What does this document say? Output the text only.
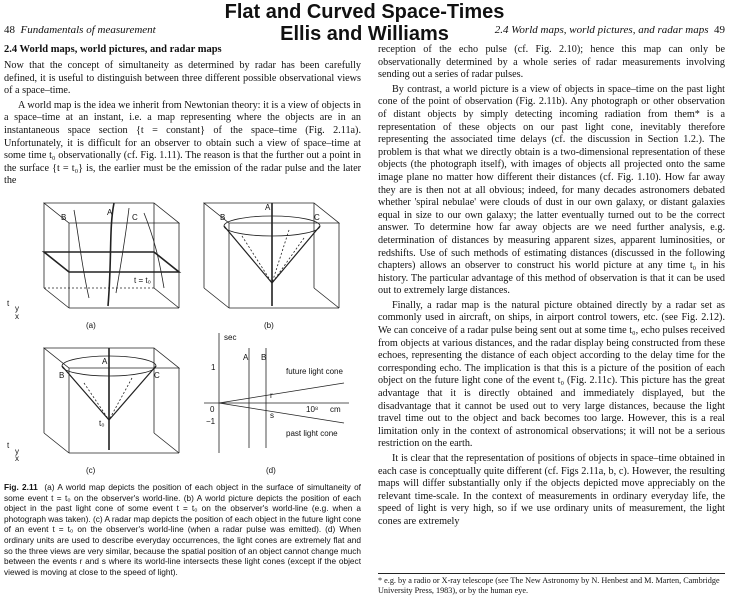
Flat and Curved Space-Times
Ellis and Williams
48 Fundamentals of measurement
2.4 World maps, world pictures, and radar maps

Now that the concept of simultaneity as determined by radar has been carefully defined, it is useful to distinguish between three different possible observational views of a space–time.

A world map is the idea we inherit from Newtonian theory: it is a view of objects in a space–time at an instant, i.e. a map representing where the objects are in an instantaneous space section {t = constant} of the space–time (Fig. 2.11a). Unfortunately, it is difficult for an observer to obtain such a view of space–time at some time t₀ observationally (cf. Fig. 1.11). The reason is that the further out a point in the surface {t = t₀} is, the earlier must be the emission of the radar pulse and the later the

B
A
C
t = t₀
B
A
C
B
A
C
t₀
t
y
x
t
y
x
sec
1
−1
0	10⁸ cm
future light cone
past light cone
r
s
A B
(a)	(b)
(c)	(d)
Fig. 2.11 (a) A world map depicts the position of each object in the surface of simultaneity of some event t = t₀ on the observer's world-line. (b) A world picture depicts the position of each object in the past light cone of some event t = t₀ on the observer's world-line (e.g. when a photograph was taken). (c) A radar map depicts the position of each object in the future light cone of an event t = t₀ on the observer's world-line (when a radar pulse was emitted). (d) When ordinary units are used to describe everyday occurrences, the light cones are extremely flat and so the three views are very similar, because the spatial position of an object cannot change much between the events r and s where its world-line intersects these light cones (except if the object viewed is moving at close to the speed of light).
2.4 World maps, world pictures, and radar maps 49

reception of the echo pulse (cf. Fig. 2.10); hence this map can only be observationally determined by a whole series of radar measurements involving sending out a series of radar pulses.

By contrast, a world picture is a view of objects in space–time on the past light cone of the point of observation (Fig. 2.11b). Any photograph or other observation of distant objects by simply detecting incoming radiation from them* is a representation of these objects on our past light cone, inevitably therefore representing the associated time delays (cf. the discussion in Section 1.2.). The problem is that what we directly obtain is a two-dimensional representation of these objects (the photograph itself), with images of objects all projected onto the same image plane no matter how different their distances (cf. Fig. 1.10). How far away they are is then not at all obvious; indeed, for many decades astronomers debated whether 'spiral nebulae' were clouds of dust in our own galaxy, or distant galaxies equal in size to our own galaxy; the latter eventually turned out to be the correct answer. To determine how far away objects are we need further analysis, e.g. determination of distances by measuring apparent sizes, apparent luminosities, or redshifts. Use of such methods of estimating distances (discussed in the following chapters) allows an observer to construct his world picture at any time t₀ in his history. The particular advantage of this method of observation is that it can be used out to extremely large distances.

Finally, a radar map is the natural picture obtained directly by a radar set as commonly used in aircraft, on ships, in airport control towers, etc. (see Fig. 2.12). We can conceive of a radar pulse being sent out at some time t₀, echo pulses received from objects at various distances, and the radar display being constructed from these echoes, representing the distance of each object according to the delay time for the corresponding echo. The implication is that this is a picture of the position of each object on the future light cone of the event t₀ (Fig. 2.11c). This picture has the great advantage that it is directly obtained and immediately displayed, but the disadvantage that it cannot be used out to very large distances, because the light travel time out to the object and back becomes too large. However, this is a real limitation only in the context of astronomical observations; it will not be a serious restriction on the earth.

It is clear that the representation of positions of objects in space–time obtained in each case is conceptually quite different (cf. Figs 2.11a, b, c). However, the resulting maps will differ substantially only if the objects depicted move appreciably on the relevant time-scale. In the context of measurements in ordinary everyday life, the speed of light is very high, so if we use ordinary units of measurement, the light cones are extremely

* e.g. by a radio or X-ray telescope (see The New Astronomy by N. Henbest and M. Marten, Cambridge University Press, 1983), or by the human eye.
